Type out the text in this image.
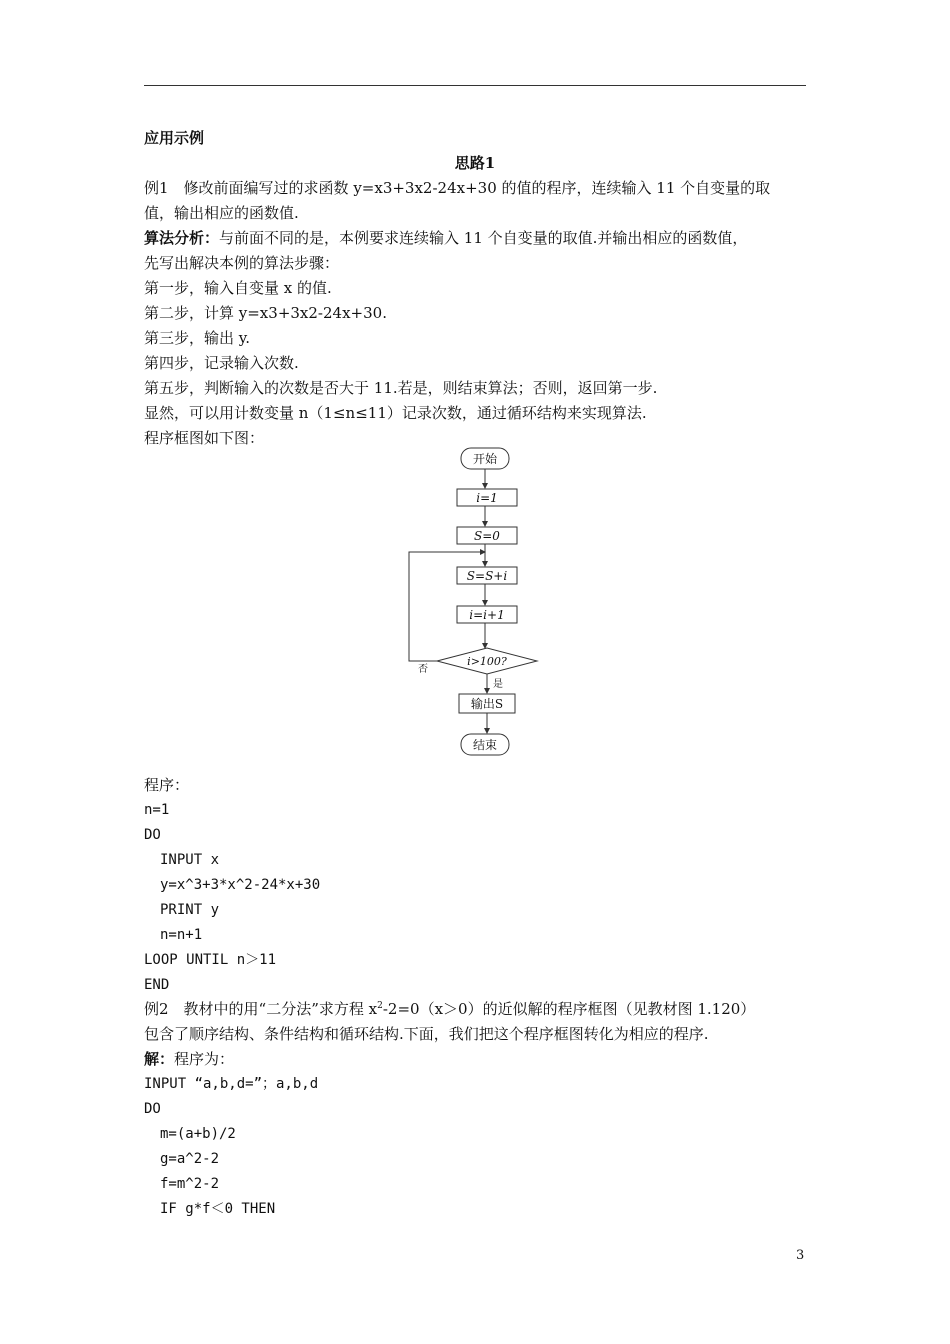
应用示例
思路1
例1　修改前面编写过的求函数 y=x3+3x2-24x+30 的值的程序，连续输入 11 个自变量的取
值，输出相应的函数值.
算法分析：与前面不同的是，本例要求连续输入 11 个自变量的取值.并输出相应的函数值，
先写出解决本例的算法步骤：
第一步，输入自变量 x 的值.
第二步，计算 y=x3+3x2-24x+30.
第三步，输出 y.
第四步，记录输入次数.
第五步，判断输入的次数是否大于 11.若是，则结束算法；否则，返回第一步.
显然，可以用计数变量 n（1≤n≤11）记录次数，通过循环结构来实现算法.
程序框图如下图：
开始
i=1
S=0
S=S+i
i=i+1
i>100?
否
是
输出S
结束
程序：
n=1
DO
INPUT x
y=x^3+3*x^2-24*x+30
PRINT y
n=n+1
LOOP UNTIL n＞11
END
例2　教材中的用“二分法”求方程 $x^2-2=0(x>0)$的近似解的程序框图（见教材图 1.120）
包含了顺序结构、条件结构和循环结构.下面，我们把这个程序框图转化为相应的程序.
解：程序为：
INPUT “a,b,d=”；a,b,d
DO
m=(a+b)/2
g=a^2-2
f=m^2-2
IF g*f＜0 THEN
3
